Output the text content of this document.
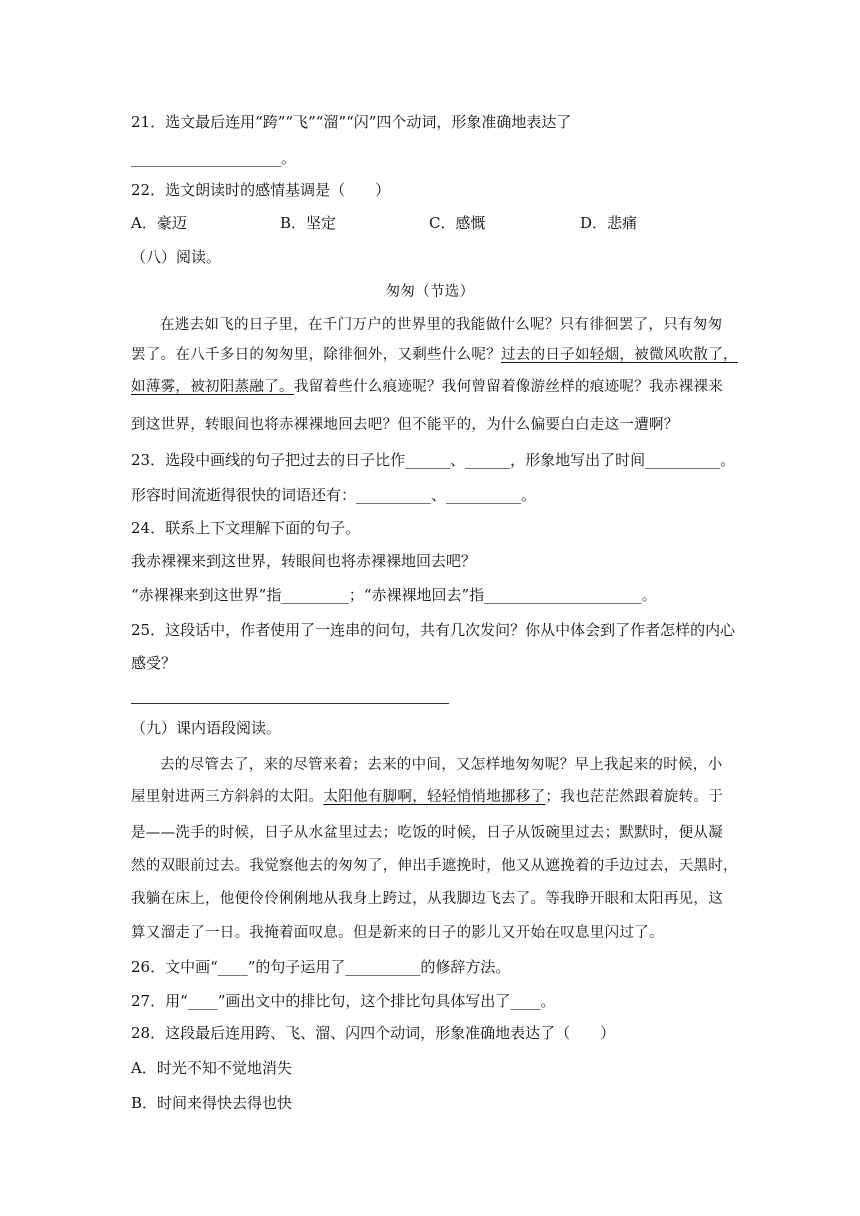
21．选文最后连用“跨”“飞”“溜”“闪”四个动词，形象准确地表达了
____________________。
22．选文朗读时的感情基调是（　　）
A．豪迈	B．坚定	C．感慨	D．悲痛
（八）阅读。
匆匆（节选）
在逃去如飞的日子里，在千门万户的世界里的我能做什么呢？只有徘徊罢了，只有匆匆
罢了。在八千多日的匆匆里，除徘徊外，又剩些什么呢？过去的日子如轻烟，被微风吹散了，
如薄雾，被初阳蒸融了。我留着些什么痕迹呢？我何曾留着像游丝样的痕迹呢？我赤裸裸来
到这世界，转眼间也将赤裸裸地回去吧？但不能平的，为什么偏要白白走这一遭啊？
23．选段中画线的句子把过去的日子比作______、______，形象地写出了时间__________。
形容时间流逝得很快的词语还有：__________、__________。
24．联系上下文理解下面的句子。
我赤裸裸来到这世界，转眼间也将赤裸裸地回去吧？
“赤裸裸来到这世界”指_________；“赤裸裸地回去”指_____________________。
25．这段话中，作者使用了一连串的问句，共有几次发问？你从中体会到了作者怎样的内心
感受？
（九）课内语段阅读。
去的尽管去了，来的尽管来着；去来的中间，又怎样地匆匆呢？早上我起来的时候，小
屋里射进两三方斜斜的太阳。太阳他有脚啊，轻轻悄悄地挪移了；我也茫茫然跟着旋转。于
是——洗手的时候，日子从水盆里过去；吃饭的时候，日子从饭碗里过去；默默时，便从凝
然的双眼前过去。我觉察他去的匆匆了，伸出手遮挽时，他又从遮挽着的手边过去，天黑时，
我躺在床上，他便伶伶俐俐地从我身上跨过，从我脚边飞去了。等我睁开眼和太阳再见，这
算又溜走了一日。我掩着面叹息。但是新来的日子的影儿又开始在叹息里闪过了。
26．文中画“____”的句子运用了__________的修辞方法。
27．用“____”画出文中的排比句，这个排比句具体写出了____。
28．这段最后连用跨、飞、溜、闪四个动词，形象准确地表达了（　　）
A．时光不知不觉地消失
B．时间来得快去得也快
